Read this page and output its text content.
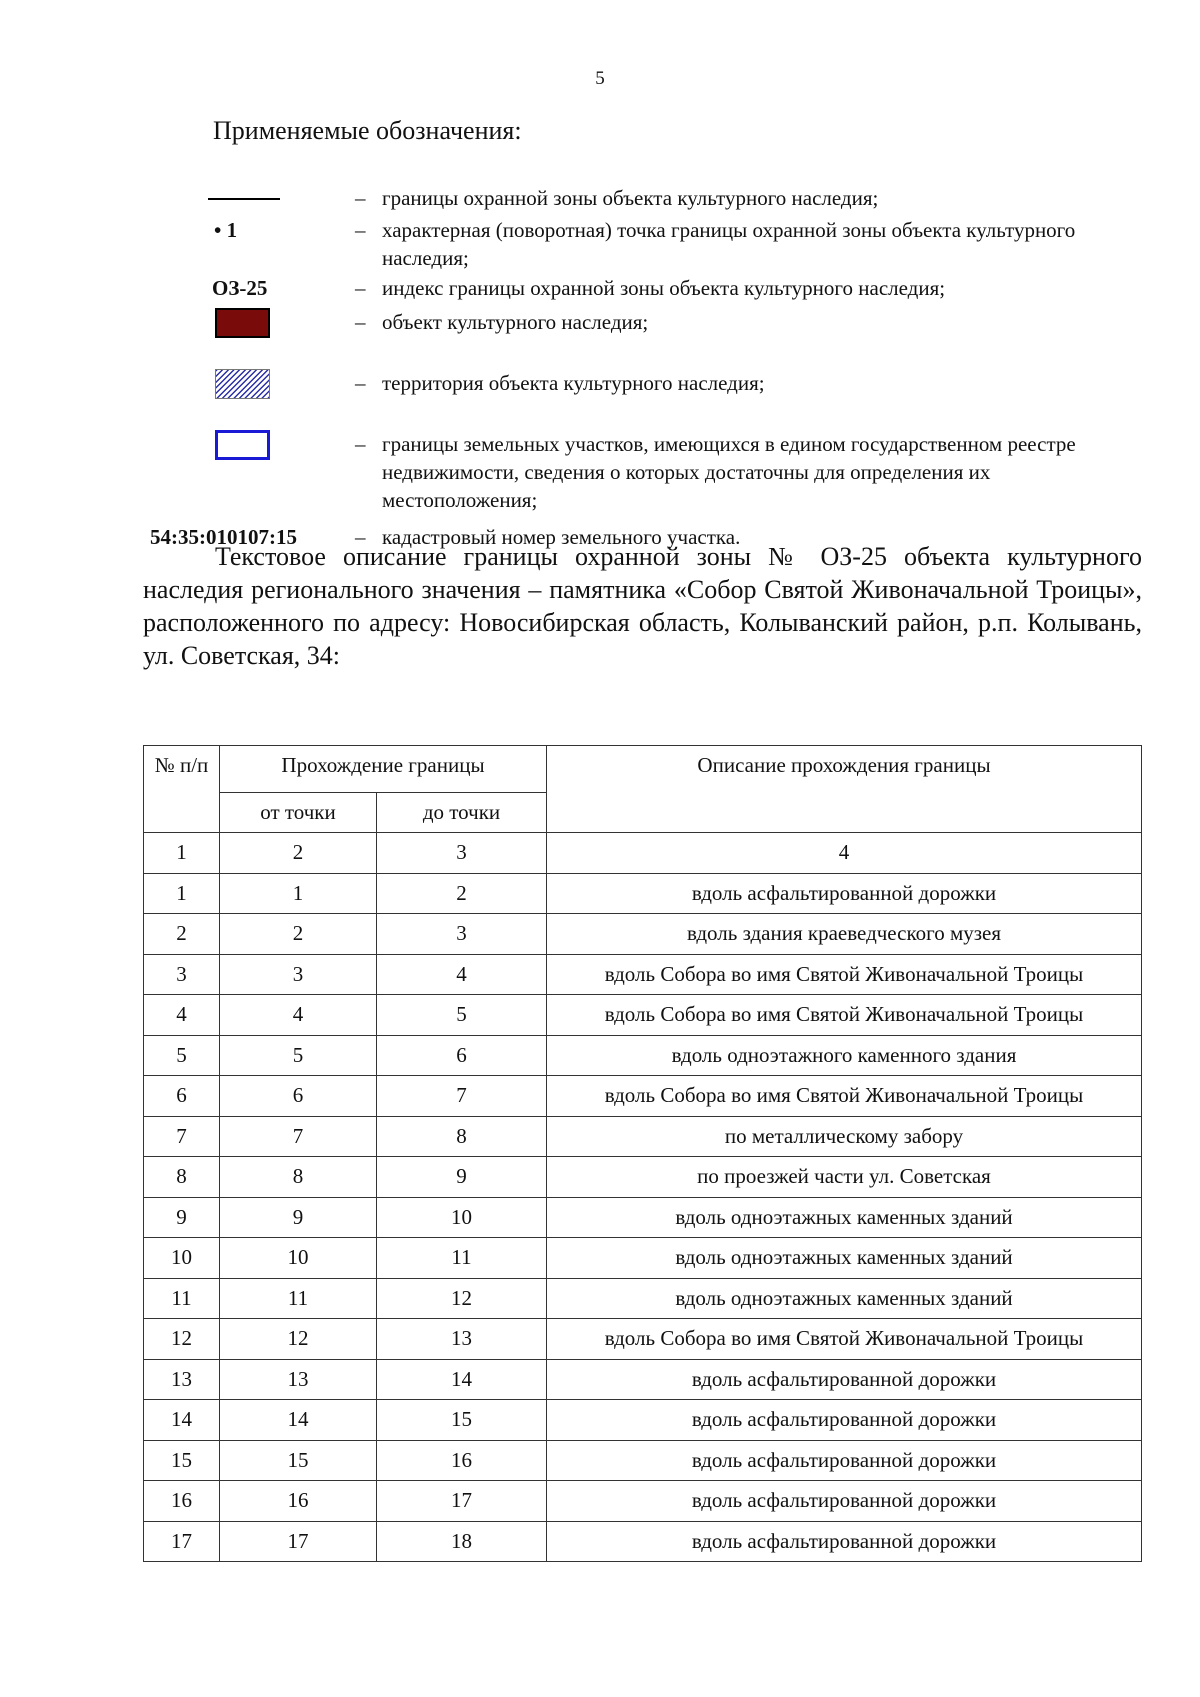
5
Применяемые обозначения:
– границы охранной зоны объекта культурного наследия;
• 1	– характерная (поворотная) точка границы охранной зоны объекта культурного наследия;
ОЗ-25	– индекс границы охранной зоны объекта культурного наследия;
– объект культурного наследия;
– территория объекта культурного наследия;
– границы земельных участков, имеющихся в едином государственном реестре недвижимости, сведения о которых достаточны для определения их местоположения;
54:35:010107:15	– кадастровый номер земельного участка.
Текстовое описание границы охранной зоны № ОЗ-25 объекта культурного наследия регионального значения – памятника «Собор Святой Живоначальной Троицы», расположенного по адресу: Новосибирская область, Колыванский район, р.п. Колывань, ул. Советская, 34:
№ п/п	Прохождение границы		Описание прохождения границы
	от точки	до точки	
1	2	3	4
1	1	2	вдоль асфальтированной дорожки
2	2	3	вдоль здания краеведческого музея
3	3	4	вдоль Собора во имя Святой Живоначальной Троицы
4	4	5	вдоль Собора во имя Святой Живоначальной Троицы
5	5	6	вдоль одноэтажного каменного здания
6	6	7	вдоль Собора во имя Святой Живоначальной Троицы
7	7	8	по металлическому забору
8	8	9	по проезжей части ул. Советская
9	9	10	вдоль одноэтажных каменных зданий
10	10	11	вдоль одноэтажных каменных зданий
11	11	12	вдоль одноэтажных каменных зданий
12	12	13	вдоль Собора во имя Святой Живоначальной Троицы
13	13	14	вдоль асфальтированной дорожки
14	14	15	вдоль асфальтированной дорожки
15	15	16	вдоль асфальтированной дорожки
16	16	17	вдоль асфальтированной дорожки
17	17	18	вдоль асфальтированной дорожки
